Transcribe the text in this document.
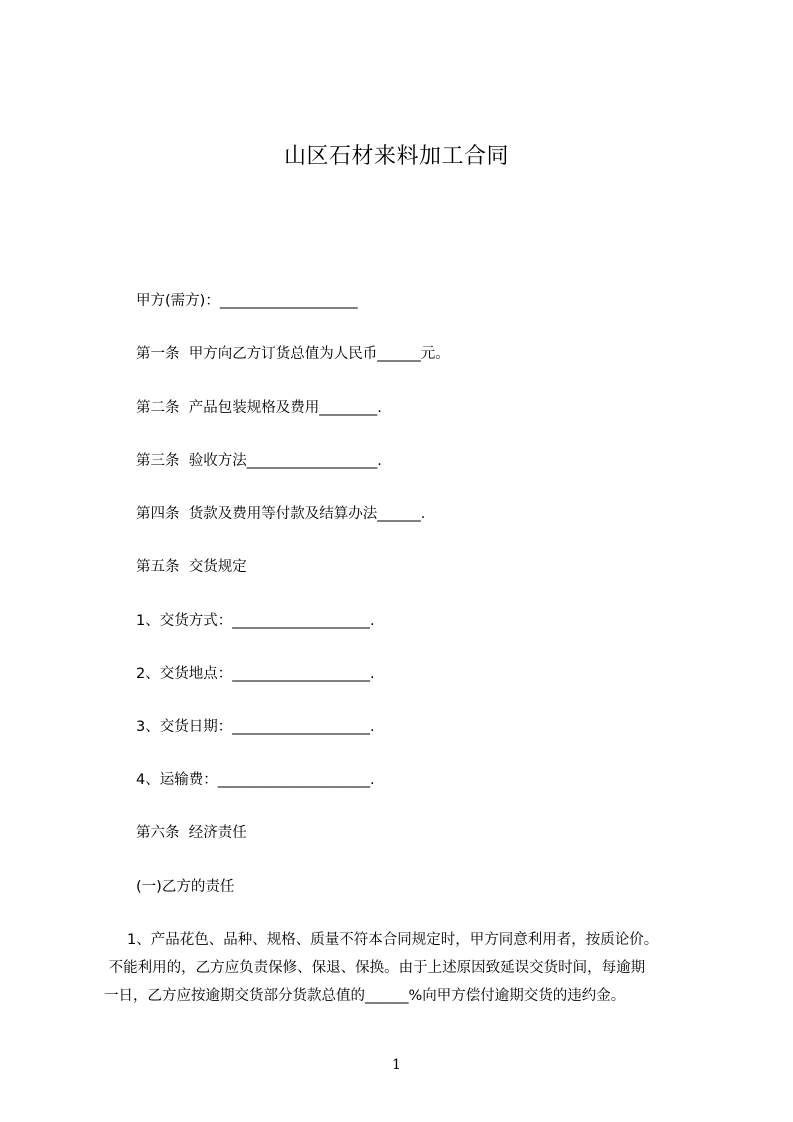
山区石材来料加工合同
甲方(需方)：___________________
第一条  甲方向乙方订货总值为人民币______元。
第二条  产品包装规格及费用________.
第三条  验收方法__________________.
第四条  货款及费用等付款及结算办法______.
第五条  交货规定
1、交货方式：___________________.
2、交货地点：___________________.
3、交货日期：___________________.
4、运输费：_____________________.
第六条  经济责任
(一)乙方的责任
1、产品花色、品种、规格、质量不符本合同规定时，甲方同意利用者，按质论价。
不能利用的，乙方应负责保修、保退、保换。由于上述原因致延误交货时间，每逾期
一日，乙方应按逾期交货部分货款总值的______%向甲方偿付逾期交货的违约金。
1
